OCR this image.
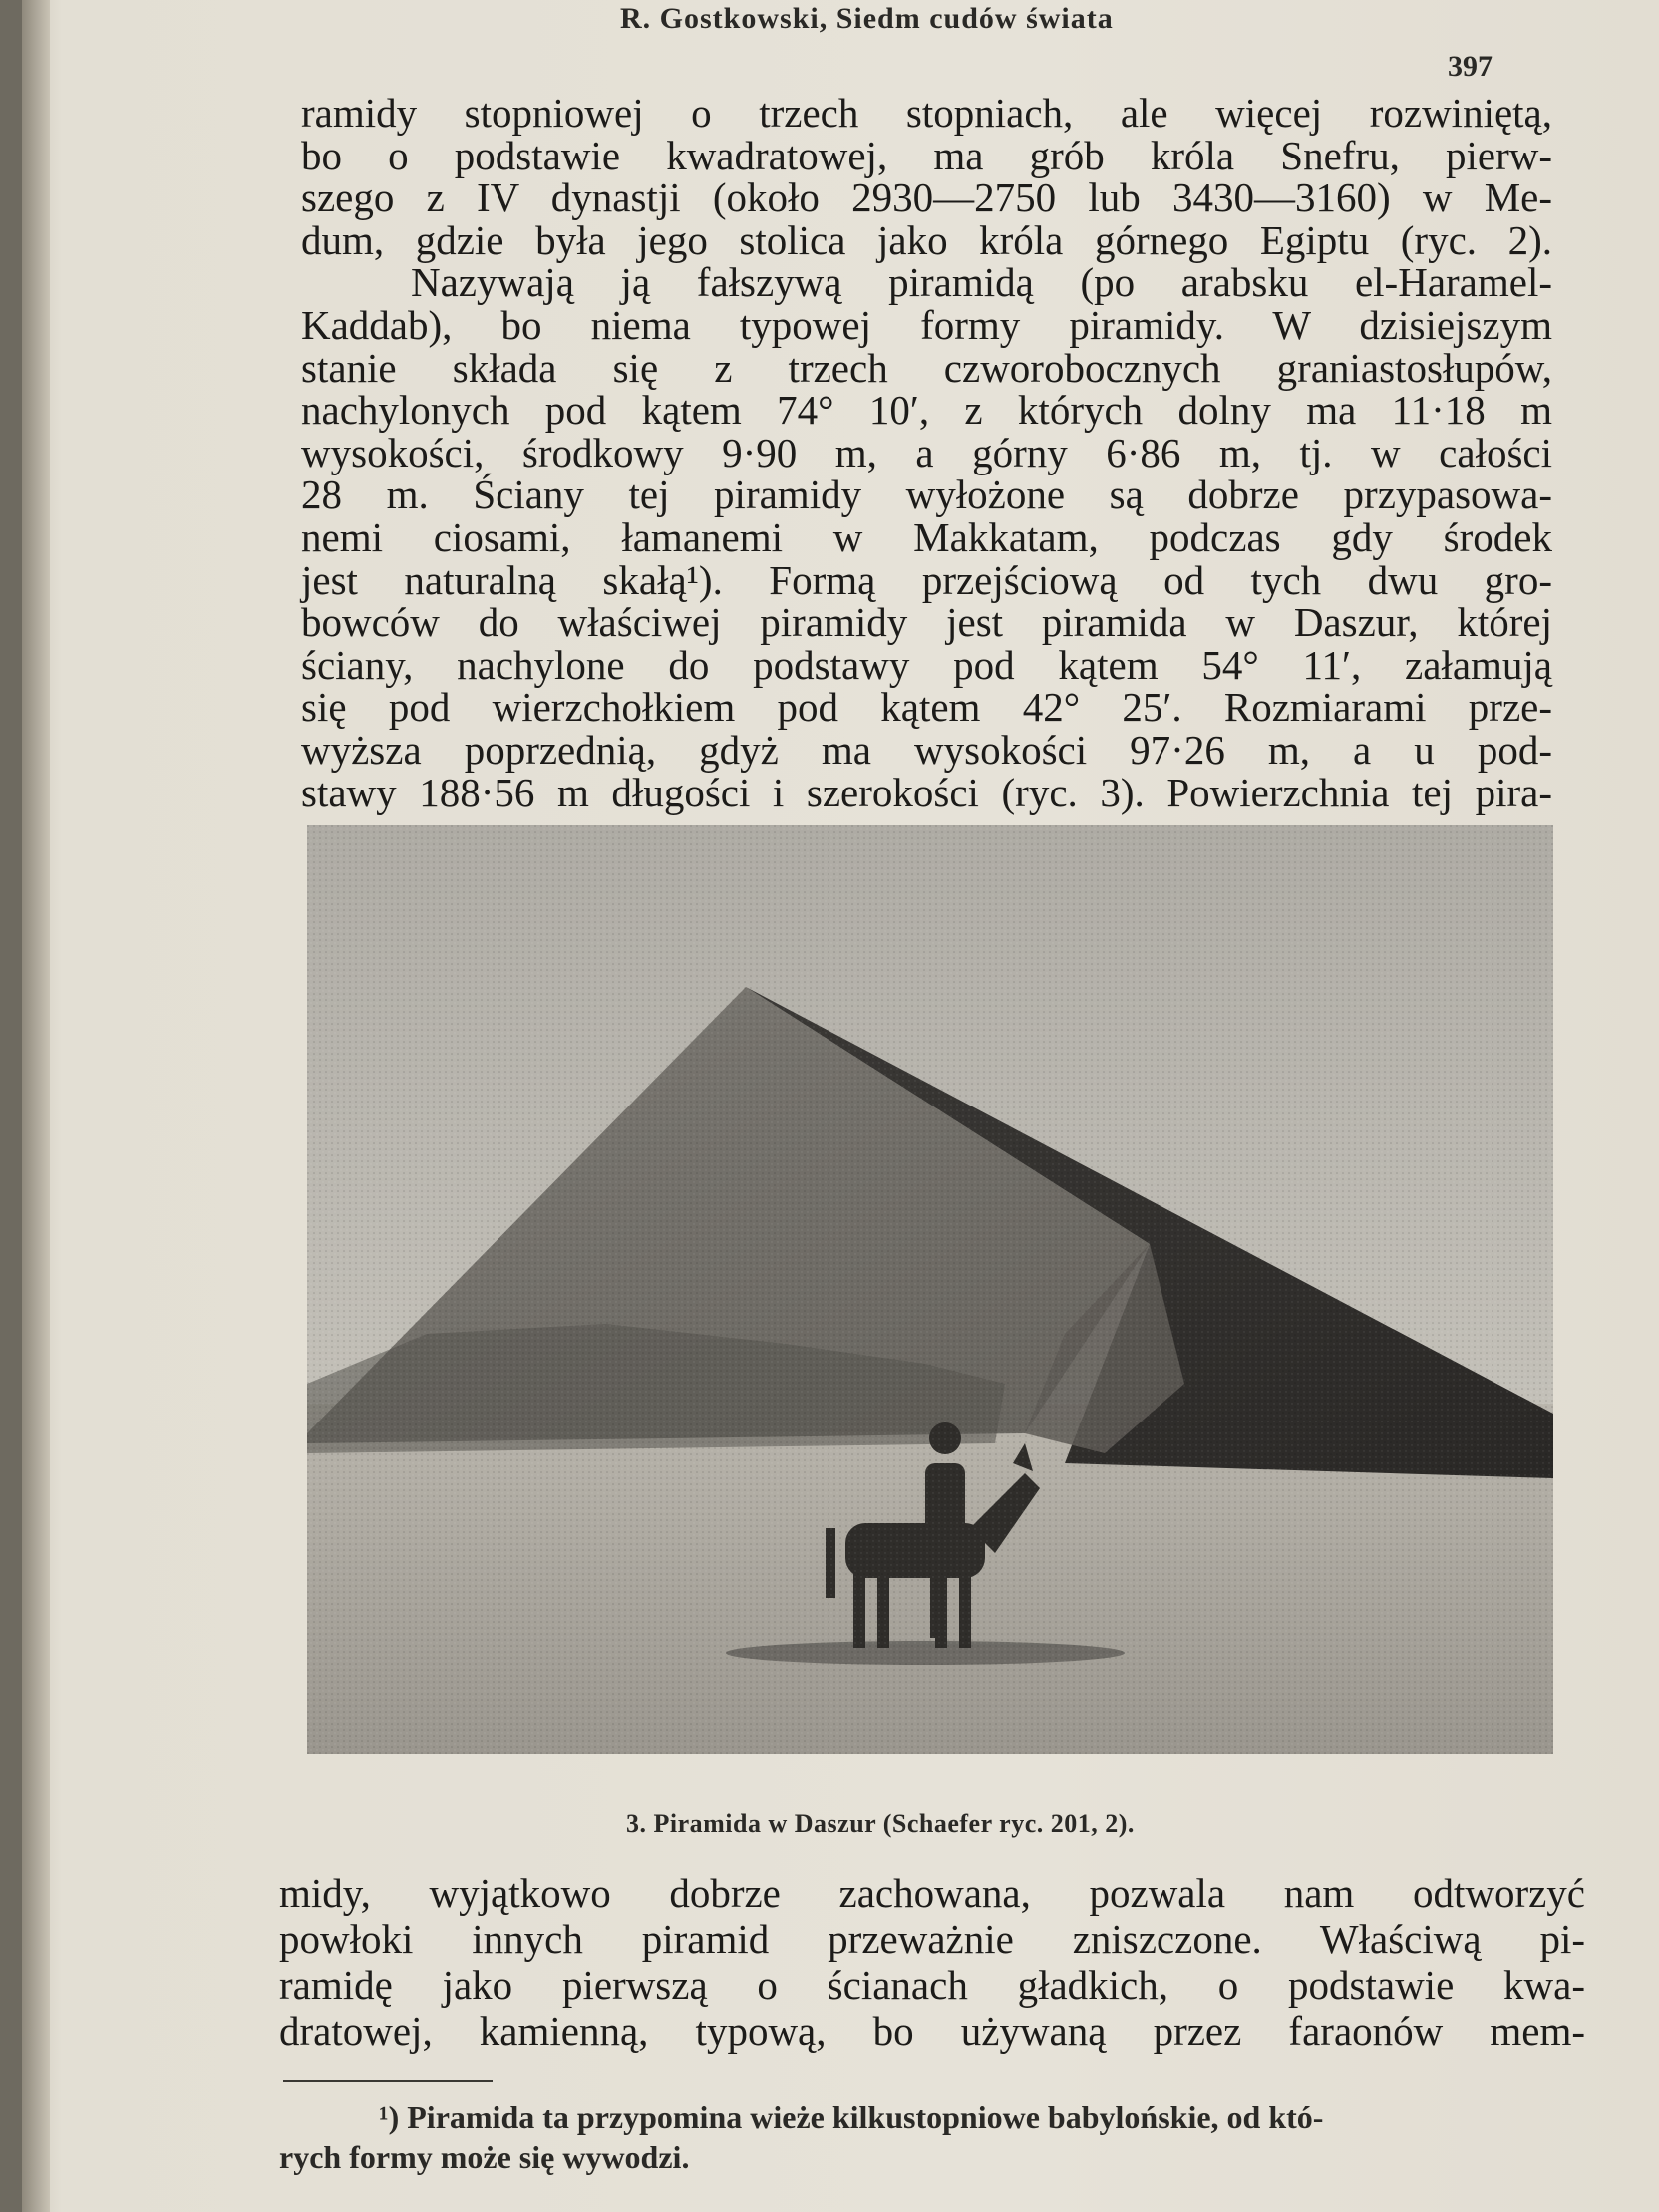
R. Gostkowski, Siedm cudów świata
397
ramidy stopniowej o trzech stopniach, ale więcej rozwiniętą,
bo o podstawie kwadratowej, ma grób króla Snefru, pierw-
szego z IV dynastji (około 2930—2750 lub 3430—3160) w Me-
dum, gdzie była jego stolica jako króla górnego Egiptu (ryc. 2).
Nazywają ją fałszywą piramidą (po arabsku el-Haramel-
Kaddab), bo niema typowej formy piramidy. W dzisiejszym
stanie składa się z trzech czworobocznych graniastosłupów,
nachylonych pod kątem 74° 10′, z których dolny ma 11·18 m
wysokości, środkowy 9·90 m, a górny 6·86 m, tj. w całości
28 m. Ściany tej piramidy wyłożone są dobrze przypasowa-
nemi ciosami, łamanemi w Makkatam, podczas gdy środek
jest naturalną skałą¹). Formą przejściową od tych dwu gro-
bowców do właściwej piramidy jest piramida w Daszur, której
ściany, nachylone do podstawy pod kątem 54° 11′, załamują
się pod wierzchołkiem pod kątem 42° 25′. Rozmiarami prze-
wyższa poprzednią, gdyż ma wysokości 97·26 m, a u pod-
stawy 188·56 m długości i szerokości (ryc. 3). Powierzchnia tej pira-
3. Piramida w Daszur (Schaefer ryc. 201, 2).
midy, wyjątkowo dobrze zachowana, pozwala nam odtworzyć
powłoki innych piramid przeważnie zniszczone. Właściwą pi-
ramidę jako pierwszą o ścianach gładkich, o podstawie kwa-
dratowej, kamienną, typową, bo używaną przez faraonów mem-
¹) Piramida ta przypomina wieże kilkustopniowe babylońskie, od któ-
rych formy może się wywodzi.
